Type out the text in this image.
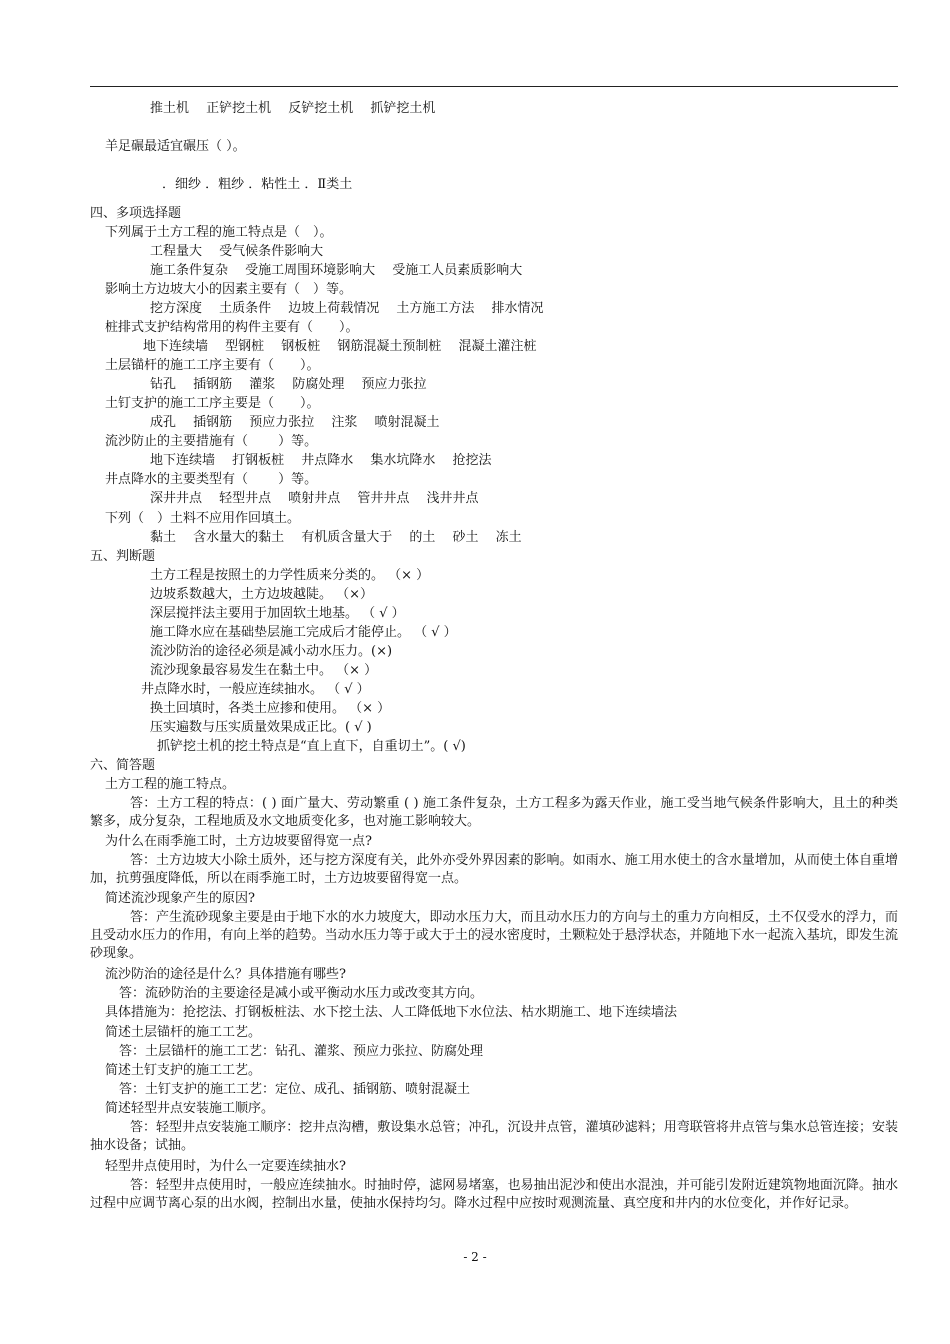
推土机　 正铲挖土机 　反铲挖土机 　抓铲挖土机
羊足碾最适宜碾压（ ）。
．细纱 ．粗纱 ．粘性土 ．Ⅱ类土
四、多项选择题
下列属于土方工程的施工特点是（　）。
工程量大　 受气候条件影响大
施工条件复杂　 受施工周围环境影响大　 受施工人员素质影响大
影响土方边坡大小的因素主要有（　）等。
挖方深度　 土质条件　 边坡上荷载情况　 土方施工方法　 排水情况
桩排式支护结构常用的构件主要有（　　）。
地下连续墙　 型钢桩　 钢板桩　 钢筋混凝土预制桩　 混凝土灌注桩
土层锚杆的施工工序主要有（　　）。
钻孔　 插钢筋　 灌浆　 防腐处理　 预应力张拉
土钉支护的施工工序主要是（　　）。
成孔　 插钢筋　 预应力张拉　 注浆　 喷射混凝土
流沙防止的主要措施有（　　 ）等。
地下连续墙　 打钢板桩　 井点降水　 集水坑降水　 抢挖法
井点降水的主要类型有（　　 ）等。
深井井点　 轻型井点　 喷射井点　 管井井点　 浅井井点
下列（　）土料不应用作回填土。
黏土　 含水量大的黏土　 有机质含量大于　 的土　 砂土　 冻土
五、判断题
土方工程是按照土的力学性质来分类的。 （× ）
边坡系数越大，土方边坡越陡。 （×）
深层搅拌法主要用于加固软土地基。 （ √ ）
施工降水应在基础垫层施工完成后才能停止。 （ √ ）
流沙防治的途径必须是减小动水压力。(×)
流沙现象最容易发生在黏土中。 （× ）
井点降水时，一般应连续抽水。 （ √ ）
换土回填时，各类土应掺和使用。 （× ）
压实遍数与压实质量效果成正比。( √ )
抓铲挖土机的挖土特点是“直上直下，自重切土”。( √)
六、简答题
土方工程的施工特点。
答：土方工程的特点：( ) 面广量大、劳动繁重 ( ) 施工条件复杂，土方工程多为露天作业，施工受当地气候条件影响大，且土的种类繁多，成分复杂，工程地质及水文地质变化多，也对施工影响较大。
为什么在雨季施工时，土方边坡要留得宽一点?
答：土方边坡大小除土质外，还与挖方深度有关，此外亦受外界因素的影响。如雨水、施工用水使土的含水量增加，从而使土体自重增加，抗剪强度降低，所以在雨季施工时，土方边坡要留得宽一点。
简述流沙现象产生的原因?
答：产生流砂现象主要是由于地下水的水力坡度大，即动水压力大，而且动水压力的方向与土的重力方向相反，土不仅受水的浮力，而且受动水压力的作用，有向上举的趋势。当动水压力等于或大于土的浸水密度时，土颗粒处于悬浮状态，并随地下水一起流入基坑，即发生流砂现象。
流沙防治的途径是什么？具体措施有哪些?
答：流砂防治的主要途径是减小或平衡动水压力或改变其方向。
具体措施为：抢挖法、打钢板桩法、水下挖土法、人工降低地下水位法、枯水期施工、地下连续墙法
简述土层锚杆的施工工艺。
答：土层锚杆的施工工艺：钻孔、灌浆、预应力张拉、防腐处理
简述土钉支护的施工工艺。
答：土钉支护的施工工艺：定位、成孔、插钢筋、喷射混凝土
简述轻型井点安装施工顺序。
答：轻型井点安装施工顺序：挖井点沟槽，敷设集水总管；冲孔，沉设井点管，灌填砂滤料；用弯联管将井点管与集水总管连接；安装抽水设备；试抽。
轻型井点使用时，为什么一定要连续抽水?
答：轻型井点使用时，一般应连续抽水。时抽时停，滤网易堵塞，也易抽出泥沙和使出水混浊，并可能引发附近建筑物地面沉降。抽水过程中应调节离心泵的出水阀，控制出水量，使抽水保持均匀。降水过程中应按时观测流量、真空度和井内的水位变化，并作好记录。
- 2 -
